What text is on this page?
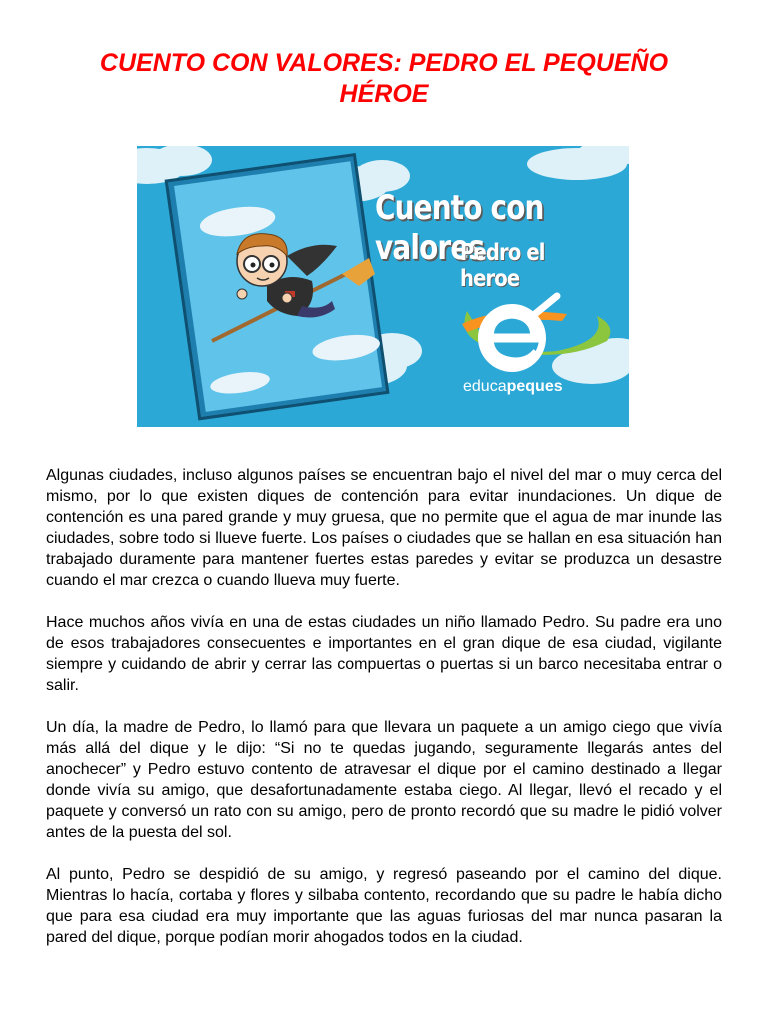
CUENTO CON VALORES: PEDRO EL PEQUEÑO
HÉROE
Cuento con valores
Pedro el heroe
educapeques

Algunas ciudades, incluso algunos países se encuentran bajo el nivel del mar o muy cerca del mismo, por lo que existen diques de contención para evitar inundaciones. Un dique de contención es una pared grande y muy gruesa, que no permite que el agua de mar inunde las ciudades, sobre todo si llueve fuerte. Los países o ciudades que se hallan en esa situación han trabajado duramente para mantener fuertes estas paredes y evitar se produzca un desastre cuando el mar crezca o cuando llueva muy fuerte.

Hace muchos años vivía en una de estas ciudades un niño llamado Pedro. Su padre era uno de esos trabajadores consecuentes e importantes en el gran dique de esa ciudad, vigilante siempre y cuidando de abrir y cerrar las compuertas o puertas si un barco necesitaba entrar o salir.

Un día, la madre de Pedro, lo llamó para que llevara un paquete a un amigo ciego que vivía más allá del dique y le dijo: “Si no te quedas jugando, seguramente llegarás antes del anochecer” y Pedro estuvo contento de atravesar el dique por el camino destinado a llegar donde vivía su amigo, que desafortunadamente estaba ciego. Al llegar, llevó el recado y el paquete y conversó un rato con su amigo, pero de pronto recordó que su madre le pidió volver antes de la puesta del sol.

Al punto, Pedro se despidió de su amigo, y regresó paseando por el camino del dique. Mientras lo hacía, cortaba y flores y silbaba contento, recordando que su padre le había dicho que para esa ciudad era muy importante que las aguas furiosas del mar nunca pasaran la pared del dique, porque podían morir ahogados todos en la ciudad.
